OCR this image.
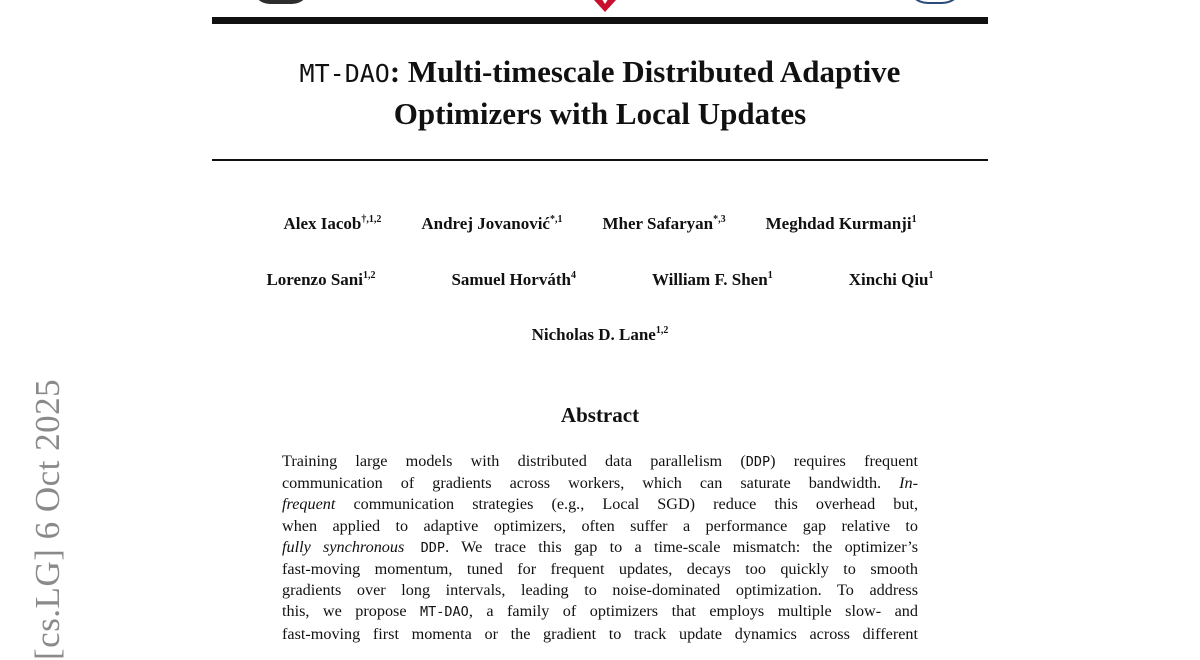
MT-DAO: Multi-timescale Distributed Adaptive
Optimizers with Local Updates
Alex Iacob$^{\dagger,1,2}$ Andrej Jovanović$^{*,1}$ Mher Safaryan$^{*,3}$ Meghdad Kurmanji$^1$
Lorenzo Sani$^{1,2}$	Samuel Horváth$^4$	William F. Shen$^1$	Xinchi Qiu$^1$
Nicholas D. Lane$^{1,2}$
Abstract
Training large models with distributed data parallelism (DDP) requires frequent
communication of gradients across workers, which can saturate bandwidth. In-
frequent communication strategies (e.g., Local SGD) reduce this overhead but,
when applied to adaptive optimizers, often suffer a performance gap relative to
fully synchronous DDP. We trace this gap to a time-scale mismatch: the optimizer’s
fast-moving momentum, tuned for frequent updates, decays too quickly to smooth
gradients over long intervals, leading to noise-dominated optimization. To address
this, we propose MT-DAO, a family of optimizers that employs multiple slow- and
fast-moving first momenta or the gradient to track update dynamics across different
[cs.LG] 6 Oct 2025
